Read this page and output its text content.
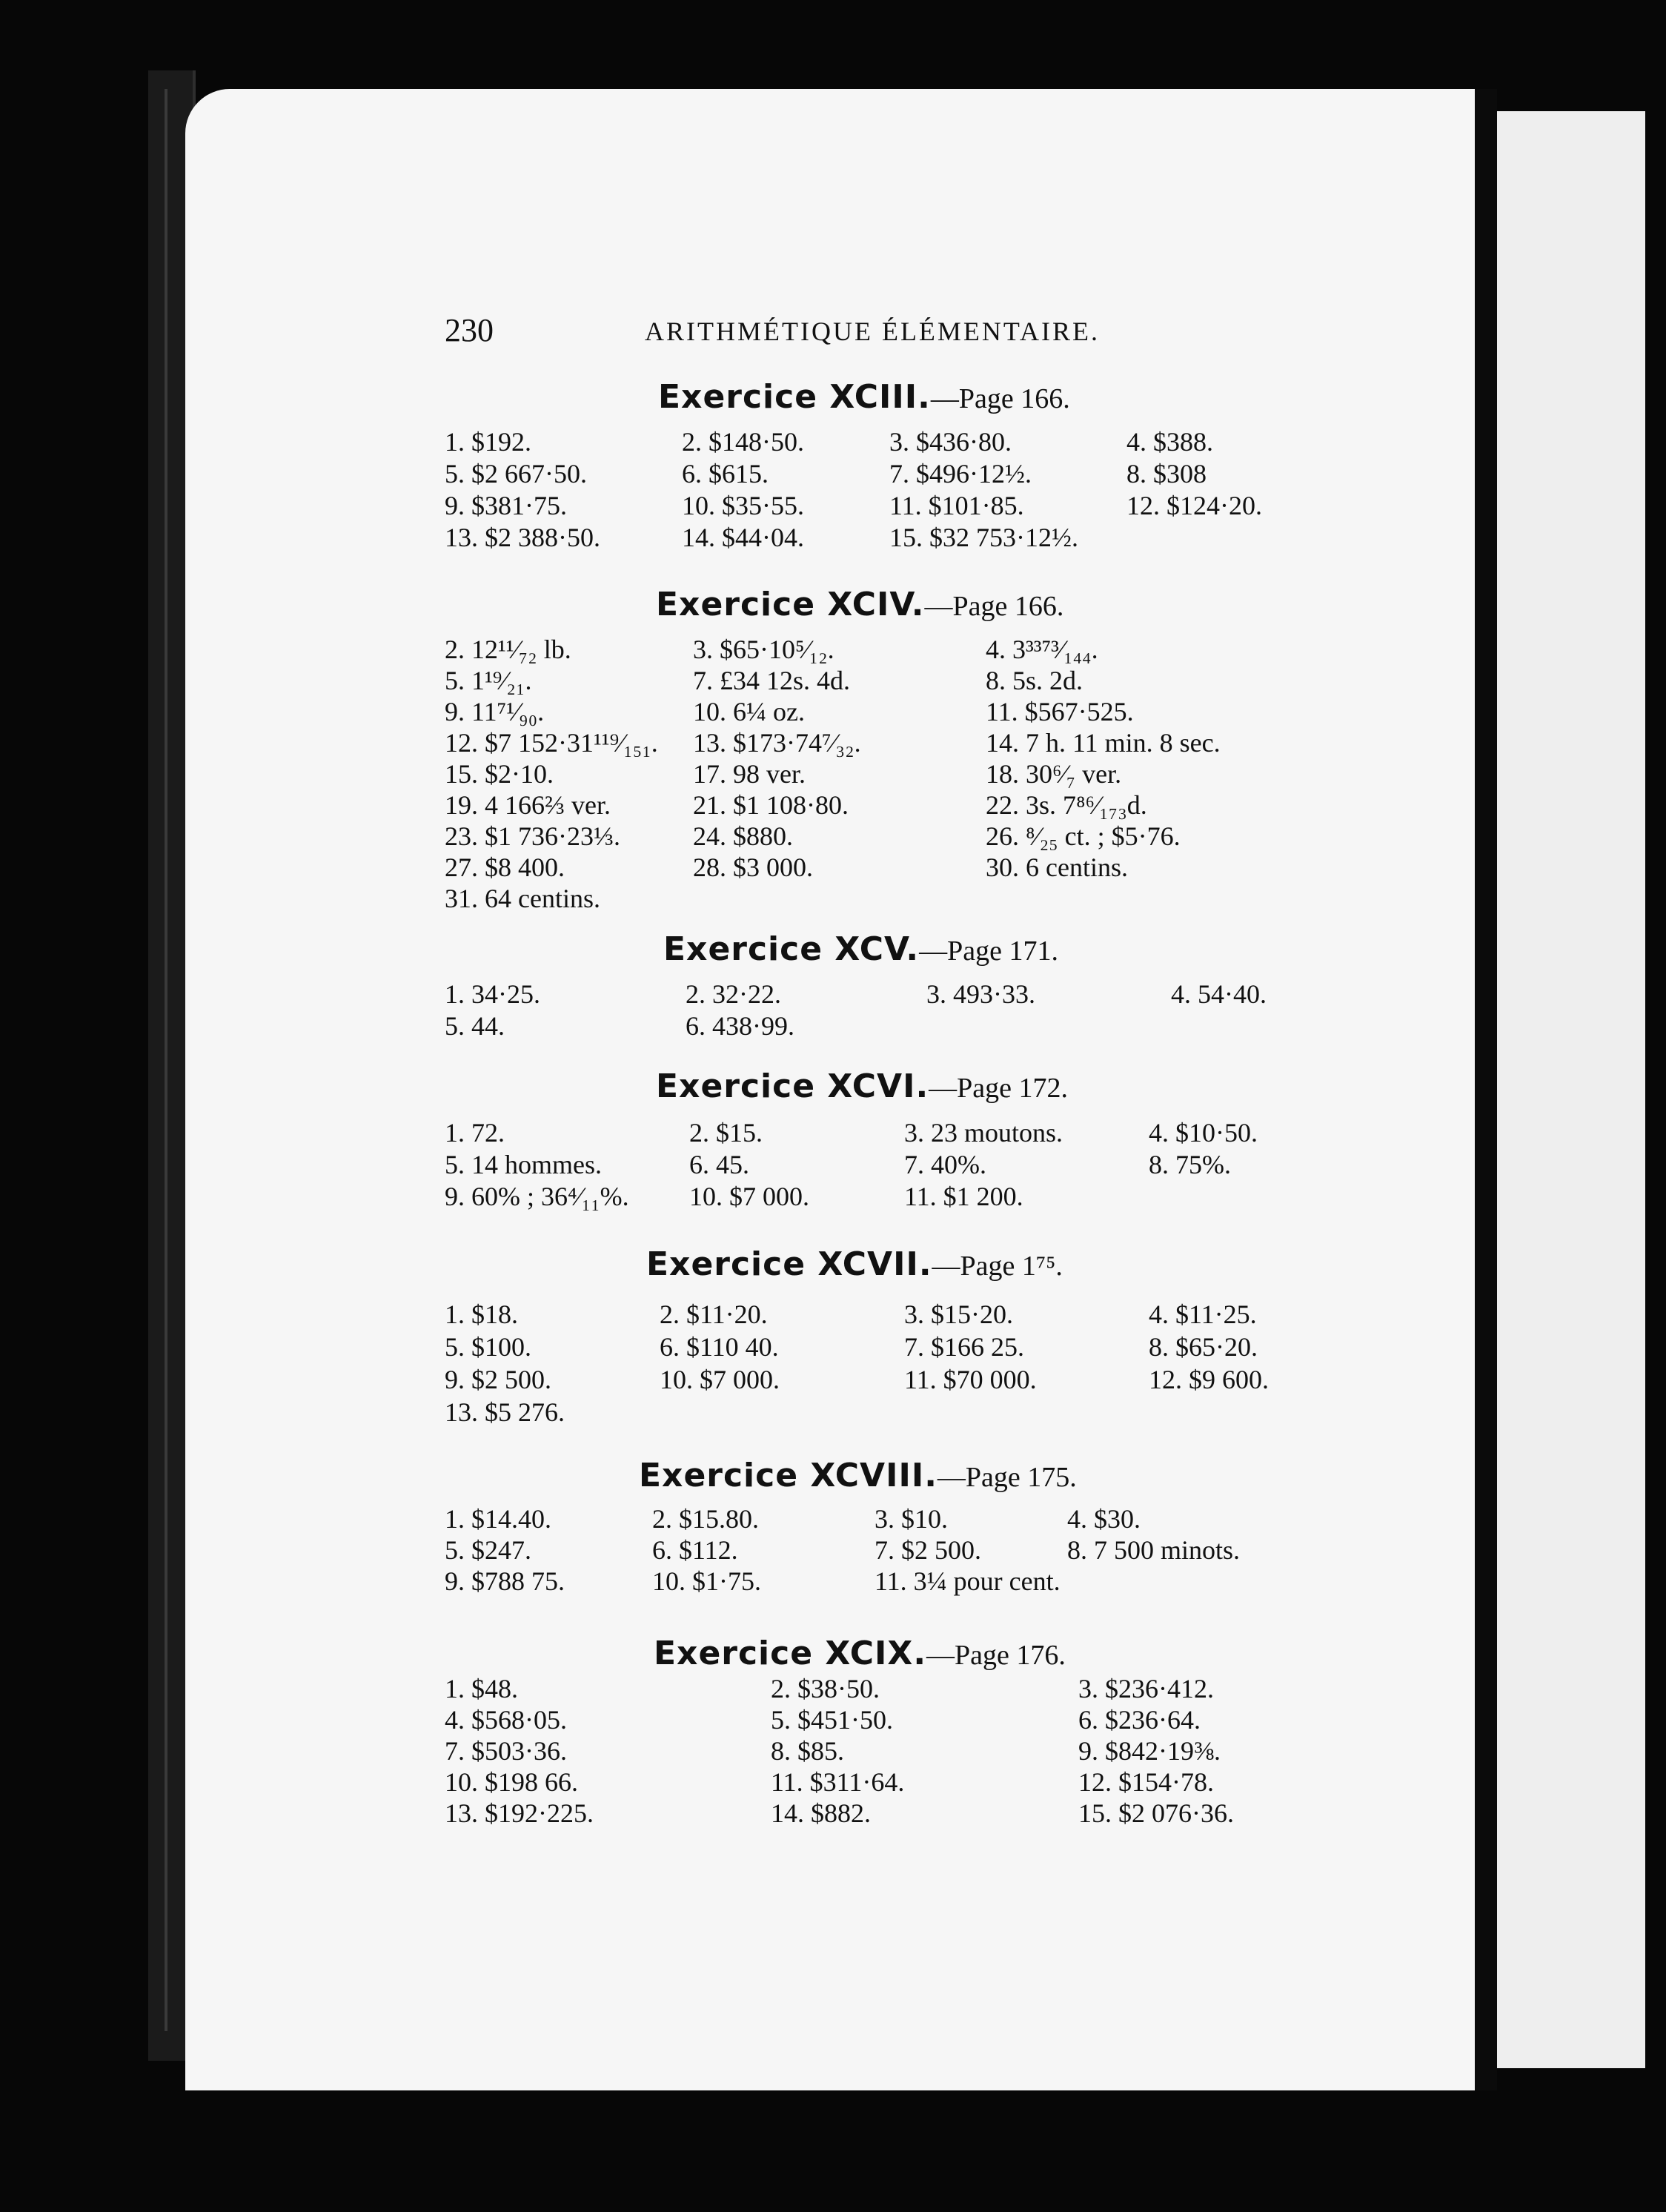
230	ARITHMÉTIQUE ÉLÉMENTAIRE.
Exercice XCIII.—Page 166.
1. $192.	2. $148·50.	3. $436·80.	4. $388.
5. $2 667·50.	6. $615.	7. $496·12½.	8. $308
9. $381·75.	10. $35·55.	11. $101·85.	12. $124·20.
13. $2 388·50.	14. $44·04.	15. $32 753·12½.
Exercice XCIV.—Page 166.
2. 12¹¹⁄₇₂ lb.	3. $65·10⁵⁄₁₂.	4. 3³³⁷³⁄₁₄₄.
5. 1¹⁹⁄₂₁.	7. £34 12s. 4d.	8. 5s. 2d.
9. 11⁷¹⁄₉₀.	10. 6¼ oz.	11. $567·525.
12. $7 152·31¹¹⁹⁄₁₅₁. 13. $173·74⁷⁄₃₂.	14. 7 h. 11 min. 8 sec.
15. $2·10.	17. 98 ver.	18. 30⁶⁄₇ ver.
19. 4 166⅔ ver.	21. $1 108·80.	22. 3s. 7⁸⁶⁄₁₇₃d.
23. $1 736·23⅓.	24. $880.	26. ⁸⁄₂₅ ct. ; $5·76.
27. $8 400.	28. $3 000.	30. 6 centins.
31. 64 centins.
Exercice XCV.—Page 171.
1. 34·25.	2. 32·22.	3. 493·33.	4. 54·40.
5. 44.	6. 438·99.
Exercice XCVI.—Page 172.
1. 72.	2. $15.	3. 23 moutons.	4. $10·50.
5. 14 hommes.	6. 45.	7. 40%.	8. 75%.
9. 60% ; 36⁴⁄₁₁%. 10. $7 000.	11. $1 200.
Exercice XCVII.—Page 1⁷⁵.
1. $18.	2. $11·20.	3. $15·20.	4. $11·25.
5. $100.	6. $110 40.	7. $166 25.	8. $65·20.
9. $2 500.	10. $7 000.	11. $70 000.	12. $9 600.
13. $5 276.
Exercice XCVIII.—Page 175.
1. $14.40.	2. $15.80.	3. $10.	4. $30.
5. $247.	6. $112.	7. $2 500.	8. 7 500 minots.
9. $788 75.	10. $1·75.	11. 3¼ pour cent.
Exercice XCIX.—Page 176.
1. $48.	2. $38·50.	3. $236·412.
4. $568·05.	5. $451·50.	6. $236·64.
7. $503·36.	8. $85.	9. $842·19⅜.
10. $198 66.	11. $311·64.	12. $154·78.
13. $192·225.	14. $882.	15. $2 076·36.
